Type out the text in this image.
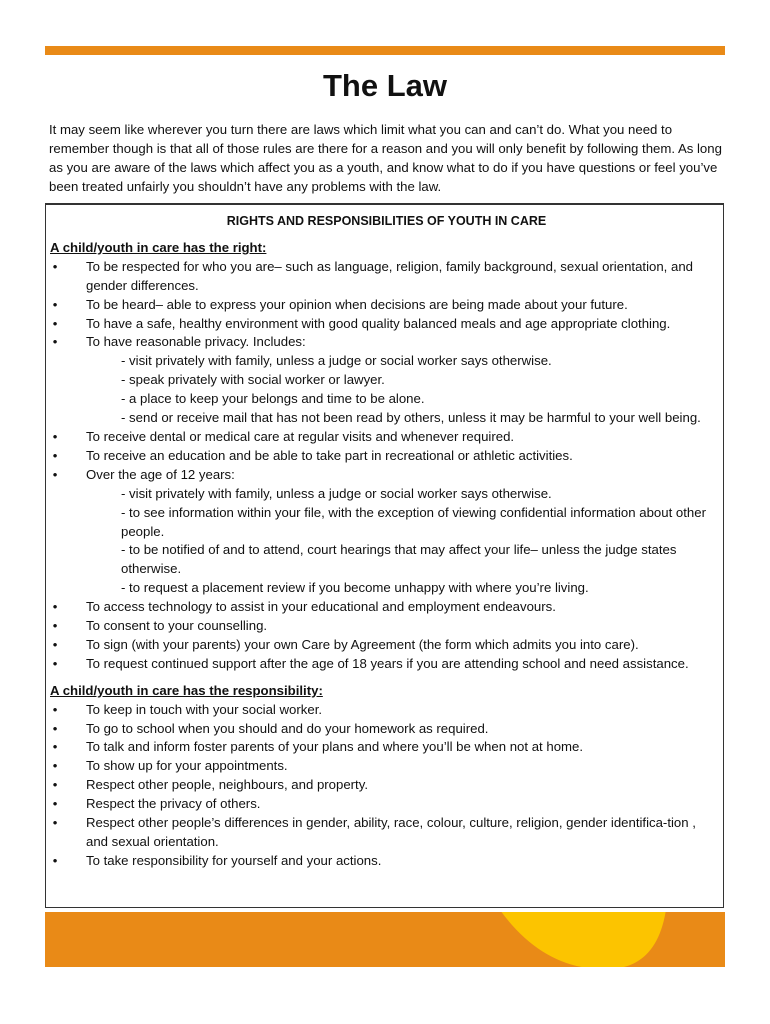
The Law

It may seem like wherever you turn there are laws which limit what you can and can’t do. What you need to remember though is that all of those rules are there for a reason and you will only benefit by following them. As long as you are aware of the laws which affect you as a youth, and know what to do if you have questions or feel you’ve been treated unfairly you shouldn’t have any problems with the law.

RIGHTS AND RESPONSIBILITIES OF YOUTH IN CARE

A child/youth in care has the right:

• To be respected for who you are– such as language, religion, family background, sexual orientation, and gender differences.
• To be heard– able to express your opinion when decisions are being made about your future.
• To have a safe, healthy environment with good quality balanced meals and age appropriate clothing.
• To have reasonable privacy. Includes:
- visit privately with family, unless a judge or social worker says otherwise.
- speak privately with social worker or lawyer.
- a place to keep your belongs and time to be alone.
- send or receive mail that has not been read by others, unless it may be harmful to your well being.
• To receive dental or medical care at regular visits and whenever required.
• To receive an education and be able to take part in recreational or athletic activities.
• Over the age of 12 years:
- visit privately with family, unless a judge or social worker says otherwise.
- to see information within your file, with the exception of viewing confidential information about other people.
- to be notified of and to attend, court hearings that may affect your life– unless the judge states otherwise.
- to request a placement review if you become unhappy with where you’re living.
• To access technology to assist in your educational and employment endeavours.
• To consent to your counselling.
• To sign (with your parents) your own Care by Agreement (the form which admits you into care).
• To request continued support after the age of 18 years if you are attending school and need assistance.

A child/youth in care has the responsibility:

• To keep in touch with your social worker.
• To go to school when you should and do your homework as required.
• To talk and inform foster parents of your plans and where you’ll be when not at home.
• To show up for your appointments.
• Respect other people, neighbours, and property.
• Respect the privacy of others.
• Respect other people’s differences in gender, ability, race, colour, culture, religion, gender identifica-tion , and sexual orientation.
• To take responsibility for yourself and your actions.
